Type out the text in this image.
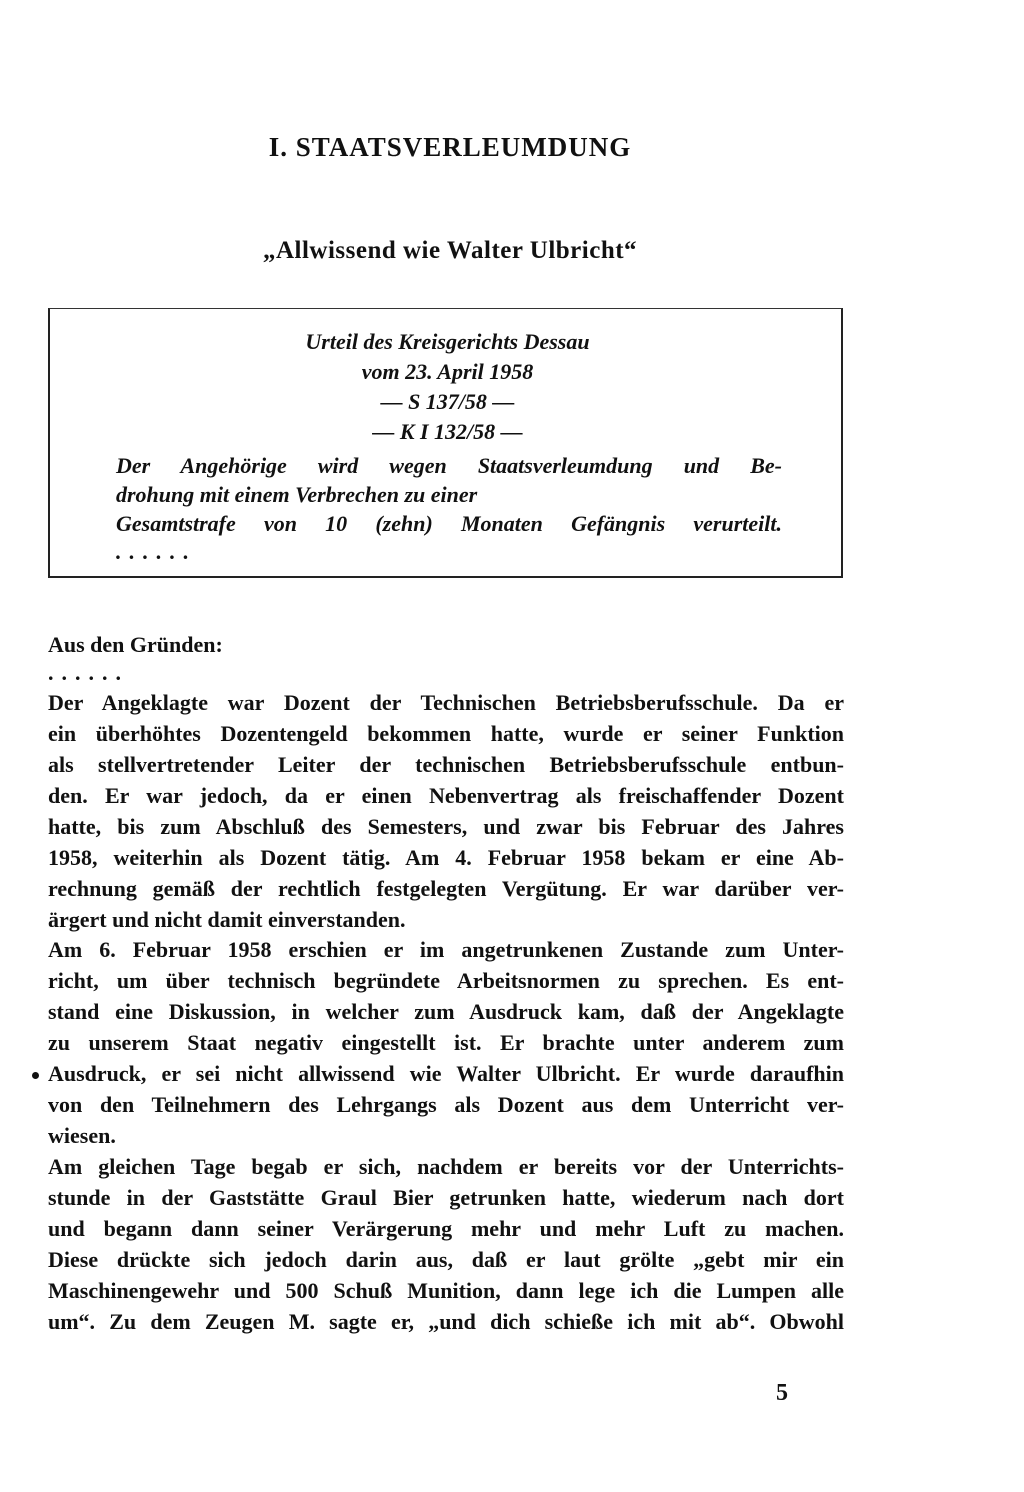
I. STAATSVERLEUMDUNG
„Allwissend wie Walter Ulbricht“
Urteil des Kreisgerichts Dessau
vom 23. April 1958
— S 137/58 —
— K I 132/58 —
Der Angehörige wird wegen Staatsverleumdung und Be-
drohung mit einem Verbrechen zu einer
Gesamtstrafe von 10 (zehn) Monaten Gefängnis verurteilt.
......
Aus den Gründen:
......
Der Angeklagte war Dozent der Technischen Betriebsberufsschule. Da er
ein überhöhtes Dozentengeld bekommen hatte, wurde er seiner Funktion
als stellvertretender Leiter der technischen Betriebsberufsschule entbun-
den. Er war jedoch, da er einen Nebenvertrag als freischaffender Dozent
hatte, bis zum Abschluß des Semesters, und zwar bis Februar des Jahres
1958, weiterhin als Dozent tätig. Am 4. Februar 1958 bekam er eine Ab-
rechnung gemäß der rechtlich festgelegten Vergütung. Er war darüber ver-
ärgert und nicht damit einverstanden.
Am 6. Februar 1958 erschien er im angetrunkenen Zustande zum Unter-
richt, um über technisch begründete Arbeitsnormen zu sprechen. Es ent-
stand eine Diskussion, in welcher zum Ausdruck kam, daß der Angeklagte
zu unserem Staat negativ eingestellt ist. Er brachte unter anderem zum
Ausdruck, er sei nicht allwissend wie Walter Ulbricht. Er wurde daraufhin
von den Teilnehmern des Lehrgangs als Dozent aus dem Unterricht ver-
wiesen.
Am gleichen Tage begab er sich, nachdem er bereits vor der Unterrichts-
stunde in der Gaststätte Graul Bier getrunken hatte, wiederum nach dort
und begann dann seiner Verärgerung mehr und mehr Luft zu machen.
Diese drückte sich jedoch darin aus, daß er laut grölte „gebt mir ein
Maschinengewehr und 500 Schuß Munition, dann lege ich die Lumpen alle
um“. Zu dem Zeugen M. sagte er, „und dich schieße ich mit ab“. Obwohl
5
